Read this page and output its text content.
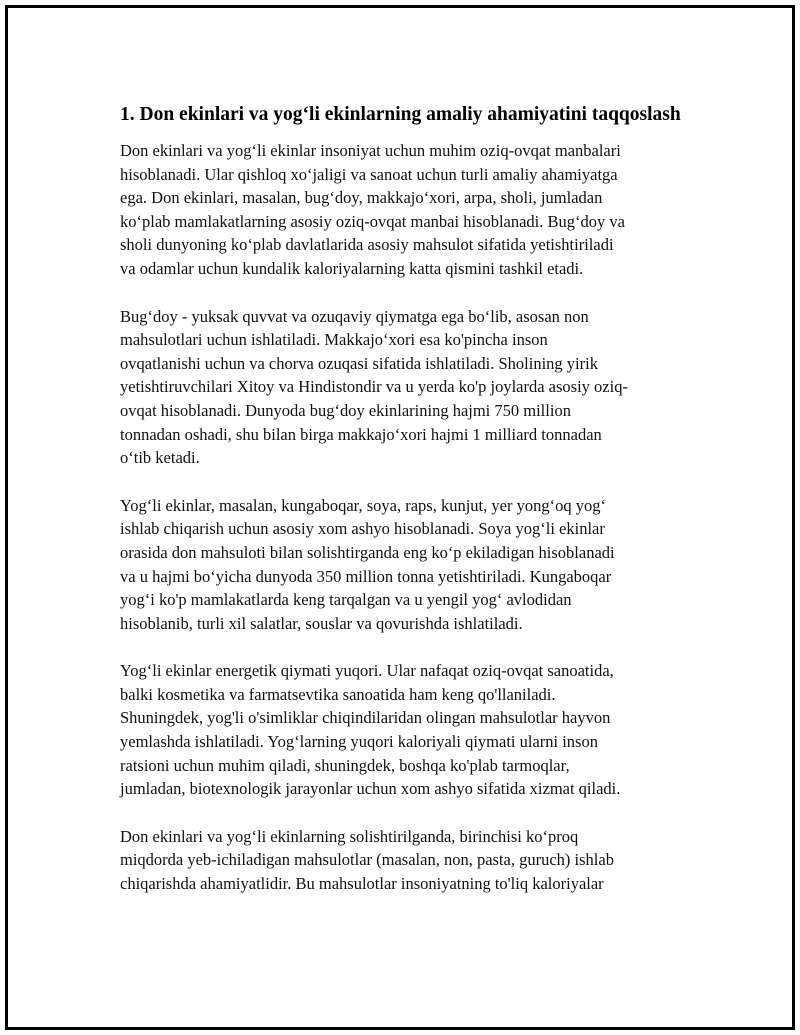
1. Don ekinlari va yog‘li ekinlarning amaliy ahamiyatini taqqoslash

Don ekinlari va yog‘li ekinlar insoniyat uchun muhim oziq-ovqat manbalari
hisoblanadi. Ular qishloq xo‘jaligi va sanoat uchun turli amaliy ahamiyatga
ega. Don ekinlari, masalan, bug‘doy, makkajo‘xori, arpa, sholi, jumladan
ko‘plab mamlakatlarning asosiy oziq-ovqat manbai hisoblanadi. Bug‘doy va
sholi dunyoning ko‘plab davlatlarida asosiy mahsulot sifatida yetishtiriladi
va odamlar uchun kundalik kaloriyalarning katta qismini tashkil etadi.

Bug‘doy - yuksak quvvat va ozuqaviy qiymatga ega bo‘lib, asosan non
mahsulotlari uchun ishlatiladi. Makkajo‘xori esa ko'pincha inson
ovqatlanishi uchun va chorva ozuqasi sifatida ishlatiladi. Sholining yirik
yetishtiruvchilari Xitoy va Hindistondir va u yerda ko'p joylarda asosiy oziq-
ovqat hisoblanadi. Dunyoda bug‘doy ekinlarining hajmi 750 million
tonnadan oshadi, shu bilan birga makkajo‘xori hajmi 1 milliard tonnadan
o‘tib ketadi.

Yog‘li ekinlar, masalan, kungaboqar, soya, raps, kunjut, yer yong‘oq yog‘
ishlab chiqarish uchun asosiy xom ashyo hisoblanadi. Soya yog‘li ekinlar
orasida don mahsuloti bilan solishtirganda eng ko‘p ekiladigan hisoblanadi
va u hajmi bo‘yicha dunyoda 350 million tonna yetishtiriladi. Kungaboqar
yog‘i ko'p mamlakatlarda keng tarqalgan va u yengil yog‘ avlodidan
hisoblanib, turli xil salatlar, souslar va qovurishda ishlatiladi.

Yog‘li ekinlar energetik qiymati yuqori. Ular nafaqat oziq-ovqat sanoatida,
balki kosmetika va farmatsevtika sanoatida ham keng qo'llaniladi.
Shuningdek, yog'li o'simliklar chiqindilaridan olingan mahsulotlar hayvon
yemlashda ishlatiladi. Yog‘larning yuqori kaloriyali qiymati ularni inson
ratsioni uchun muhim qiladi, shuningdek, boshqa ko'plab tarmoqlar,
jumladan, biotexnologik jarayonlar uchun xom ashyo sifatida xizmat qiladi.

Don ekinlari va yog‘li ekinlarning solishtirilganda, birinchisi ko‘proq
miqdorda yeb-ichiladigan mahsulotlar (masalan, non, pasta, guruch) ishlab
chiqarishda ahamiyatlidir. Bu mahsulotlar insoniyatning to'liq kaloriyalar
